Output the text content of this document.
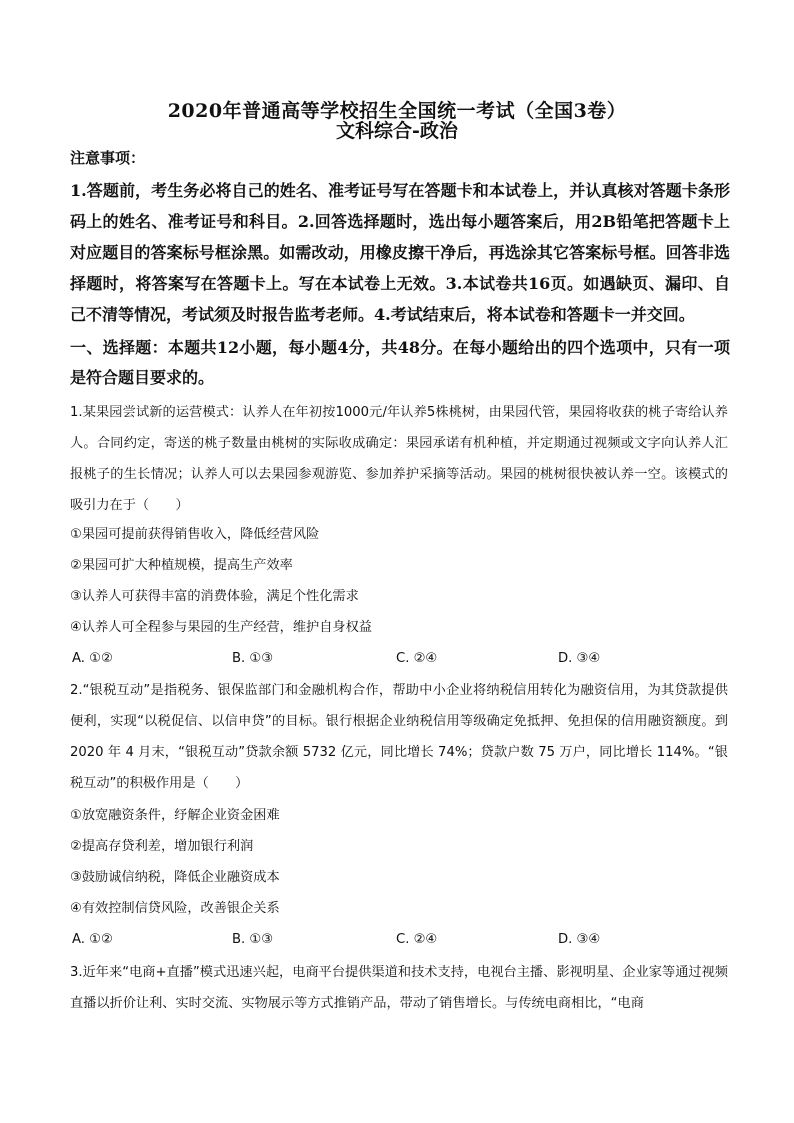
2020年普通高等学校招生全国统一考试（全国3卷）
文科综合-政治
注意事项：
1.答题前，考生务必将自己的姓名、准考证号写在答题卡和本试卷上，并认真核对答题卡条形码上的姓名、准考证号和科目。2.回答选择题时，选出每小题答案后，用2B铅笔把答题卡上对应题目的答案标号框涂黑。如需改动，用橡皮擦干净后，再选涂其它答案标号框。回答非选择题时，将答案写在答题卡上。写在本试卷上无效。3.本试卷共16页。如遇缺页、漏印、自己不清等情况，考试须及时报告监考老师。4.考试结束后，将本试卷和答题卡一并交回。
一、选择题：本题共12小题，每小题4分，共48分。在每小题给出的四个选项中，只有一项是符合题目要求的。
1.某果园尝试新的运营模式：认养人在年初按1000元/年认养5株桃树，由果园代管，果园将收获的桃子寄给认养人。合同约定，寄送的桃子数量由桃树的实际收成确定：果园承诺有机种植，并定期通过视频或文字向认养人汇报桃子的生长情况；认养人可以去果园参观游览、参加养护采摘等活动。果园的桃树很快被认养一空。该模式的吸引力在于（　　）
①果园可提前获得销售收入，降低经营风险
②果园可扩大种植规模，提高生产效率
③认养人可获得丰富的消费体验，满足个性化需求
④认养人可全程参与果园的生产经营，维护自身权益
A. ①②	B. ①③	C. ②④	D. ③④
2.“银税互动”是指税务、银保监部门和金融机构合作，帮助中小企业将纳税信用转化为融资信用，为其贷款提供便利，实现“以税促信、以信申贷”的目标。银行根据企业纳税信用等级确定免抵押、免担保的信用融资额度。到 2020 年 4 月末，“银税互动”贷款余额 5732 亿元，同比增长 74%；贷款户数 75 万户，同比增长 114%。“银税互动”的积极作用是（　　）
①放宽融资条件，纾解企业资金困难
②提高存贷利差，增加银行利润
③鼓励诚信纳税，降低企业融资成本
④有效控制信贷风险，改善银企关系
A. ①②	B. ①③	C. ②④	D. ③④
3.近年来“电商+直播”模式迅速兴起，电商平台提供渠道和技术支持，电视台主播、影视明星、企业家等通过视频直播以折价让利、实时交流、实物展示等方式推销产品，带动了销售增长。与传统电商相比，“电商
